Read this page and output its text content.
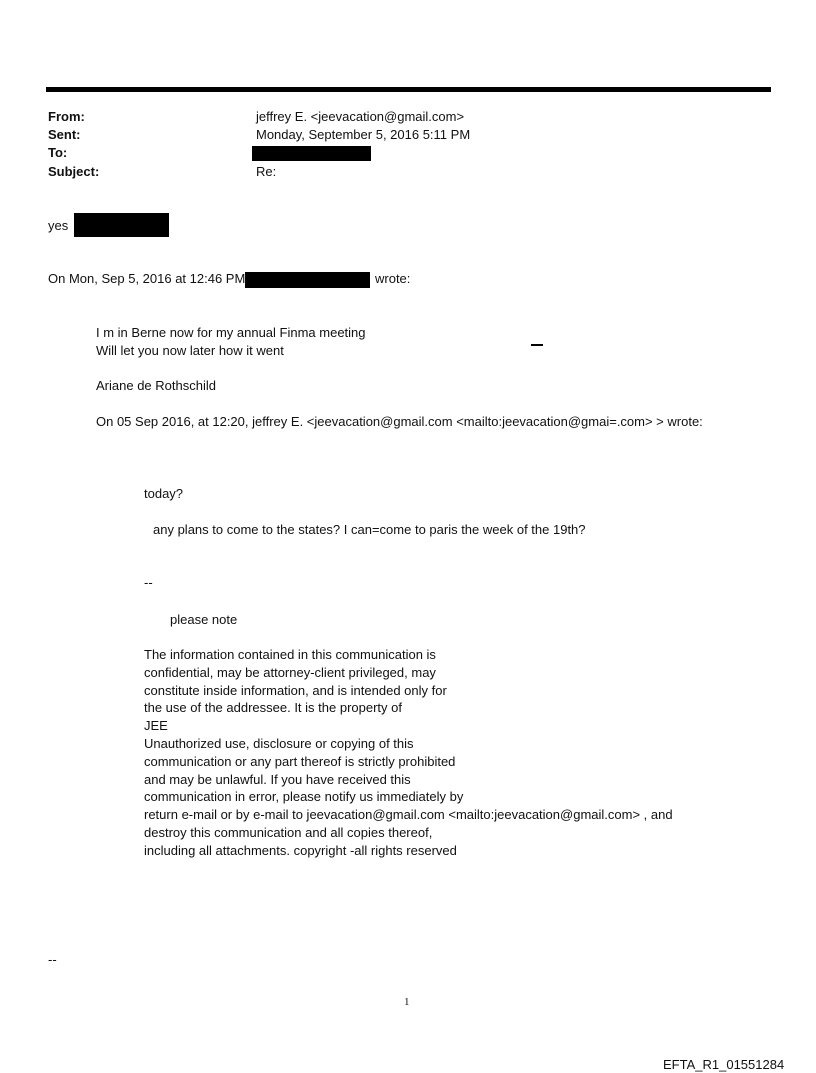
From:
Sent:
To:
Subject:
jeffrey E. <jeevacation@gmail.com>
Monday, September 5, 2016 5:11 PM
Re:
yes
On Mon, Sep 5, 2016 at 12:46 PM	wrote:
I m in Berne now for my annual Finma meeting
Will let you now later how it went
Ariane de Rothschild
On 05 Sep 2016, at 12:20, jeffrey E. <jeevacation@gmail.com <mailto:jeevacation@gmai=.com> > wrote:
today?
any plans to come to the states? I can=come to paris the week of the 19th?
--
please note
The information contained in this communication is
confidential, may be attorney-client privileged, may
constitute inside information, and is intended only for
the use of the addressee. It is the property of
JEE
Unauthorized use, disclosure or copying of this
communication or any part thereof is strictly prohibited
and may be unlawful. If you have received this
communication in error, please notify us immediately by
return e-mail or by e-mail to jeevacation@gmail.com <mailto:jeevacation@gmail.com> , and
destroy this communication and all copies thereof,
including all attachments. copyright -all rights reserved
--
1
EFTA_R1_01551284
